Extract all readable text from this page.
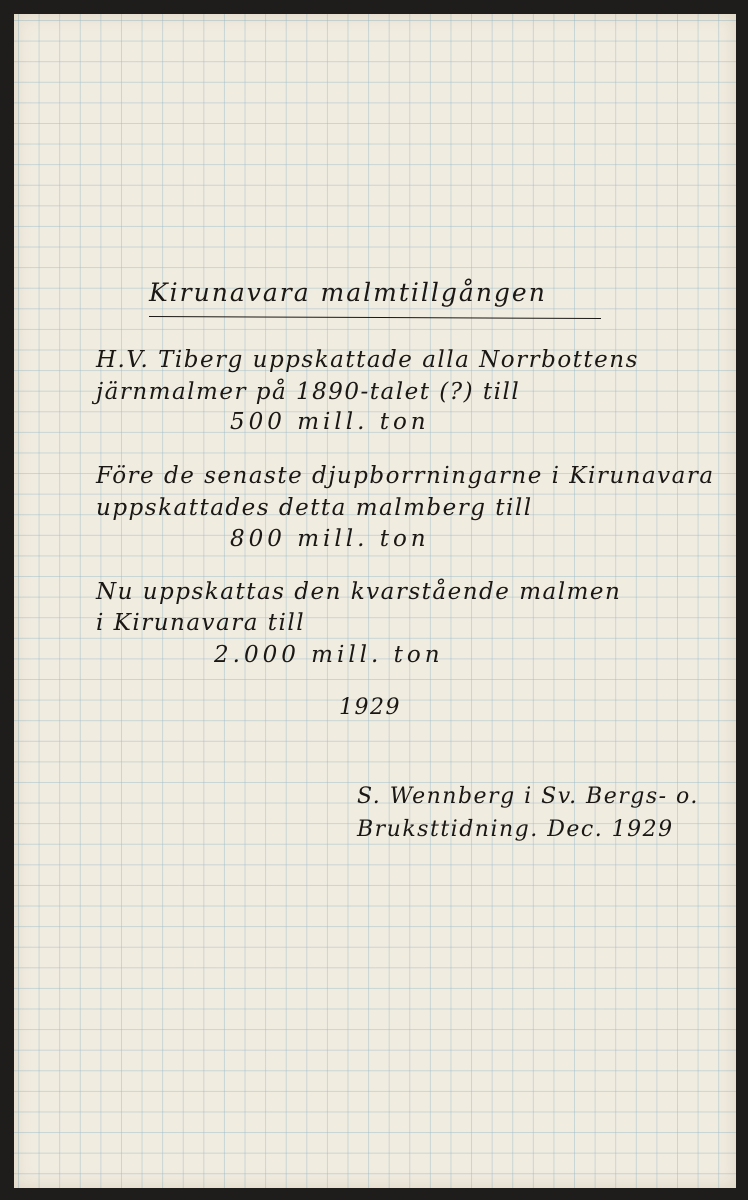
Kirunavara malmtillgången

H.V. Tiberg uppskattade alla Norrbottens

järnmalmer på 1890-talet (?) till

500 mill. ton

Före de senaste djupborrningarne i Kirunavara

uppskattades detta malmberg till

800 mill. ton

Nu uppskattas den kvarstående malmen

i Kirunavara till

2.000 mill. ton

1929

S. Wennberg i Sv. Bergs- o.

Bruksttidning. Dec. 1929
